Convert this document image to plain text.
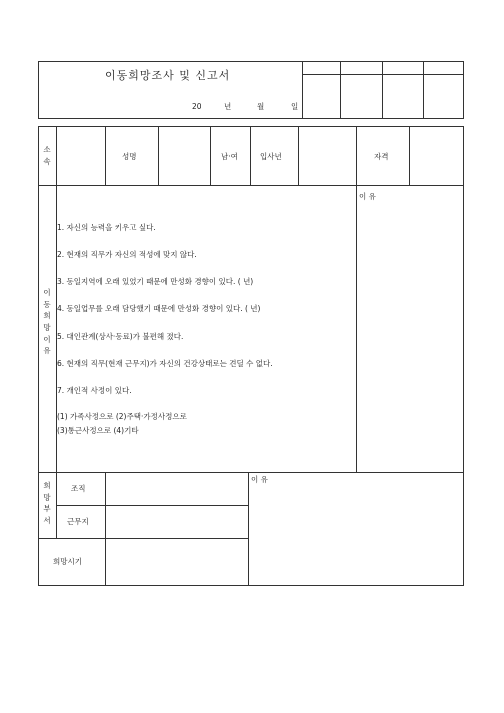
이동희망조사 및 신고서
20	년	월	일
소속
성명	남·여	입사년	자격
이동희망이유
이 유
1. 자신의 능력을 키우고 싶다.
2. 현재의 직무가 자신의 적성에 맞지 않다.
3. 동일지역에 오래 있었기 때문에 만성화 경향이 있다. ( 년)
4. 동일업무를 오래 담당했기 때문에 만성화 경향이 있다. ( 년)
5. 대인관계(상사·동료)가 불편해 졌다.
6. 현재의 직무(현재 근무지)가 자신의 건강상태로는 견딜 수 없다.
7. 개인적 사정이 있다.
(1) 가족사정으로 (2)주택·가정사정으로
(3)통근사정으로 (4)기타
희망부서
조직
근무지
희망시기
이 유
